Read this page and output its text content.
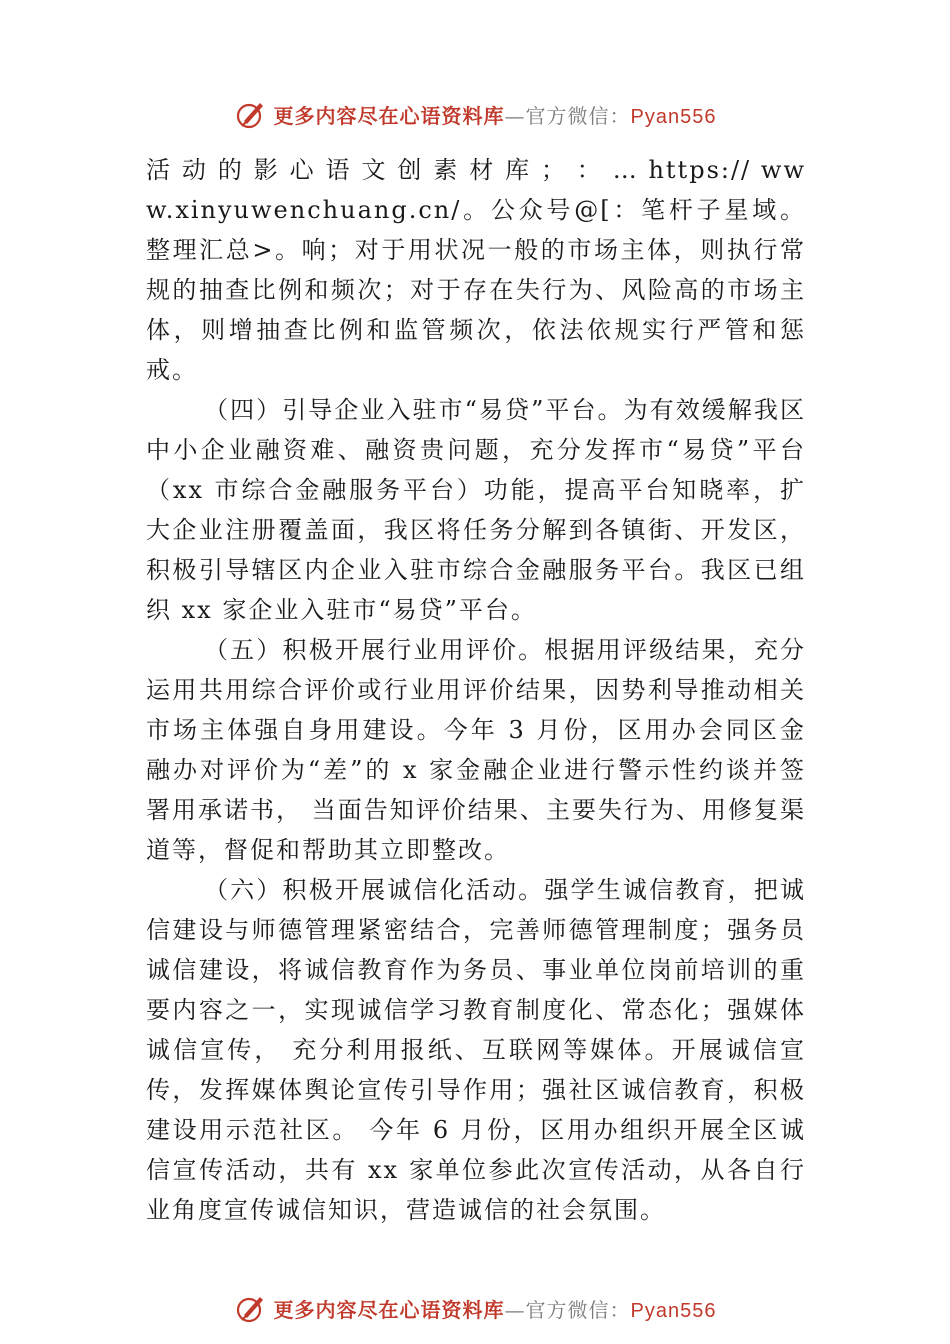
更多内容尽在心语资料库—官方微信：Pyan556

活 动 的 影 心 语 文 创 素 材 库 ； ： … https:// www.xinyuwenchuang.cn/。公众号@[：笔杆子星域。整理汇总>。响；对于用状况一般的市场主体，则执行常规的抽查比例和频次；对于存在失行为、风险高的市场主体，则增抽查比例和监管频次，依法依规实行严管和惩戒。

（四）引导企业入驻市“易贷”平台。为有效缓解我区中小企业融资难、融资贵问题，充分发挥市“易贷”平台（xx 市综合金融服务平台）功能，提高平台知晓率，扩大企业注册覆盖面，我区将任务分解到各镇街、开发区，积极引导辖区内企业入驻市综合金融服务平台。我区已组织 xx 家企业入驻市“易贷”平台。

（五）积极开展行业用评价。根据用评级结果，充分运用共用综合评价或行业用评价结果，因势利导推动相关市场主体强自身用建设。今年 3 月份，区用办会同区金融办对评价为“差”的 x 家金融企业进行警示性约谈并签署用承诺书， 当面告知评价结果、主要失行为、用修复渠道等，督促和帮助其立即整改。

（六）积极开展诚信化活动。强学生诚信教育，把诚信建设与师德管理紧密结合，完善师德管理制度；强务员诚信建设，将诚信教育作为务员、事业单位岗前培训的重要内容之一，实现诚信学习教育制度化、常态化；强媒体诚信宣传， 充分利用报纸、互联网等媒体。开展诚信宣传，发挥媒体舆论宣传引导作用；强社区诚信教育，积极建设用示范社区。 今年 6 月份，区用办组织开展全区诚信宣传活动，共有 xx 家单位参此次宣传活动，从各自行业角度宣传诚信知识，营造诚信的社会氛围。

更多内容尽在心语资料库—官方微信：Pyan556
